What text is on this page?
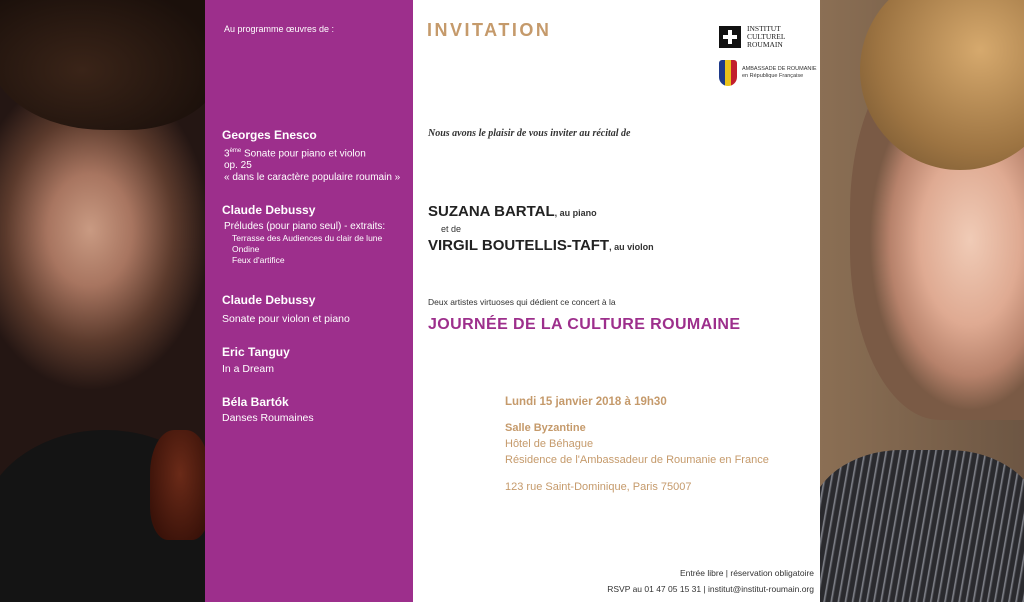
Au programme œuvres de :
Georges Enesco
3ème Sonate pour piano et violon
op. 25
« dans le caractère populaire roumain »
Claude Debussy
Préludes (pour piano seul) - extraits:
Terrasse des Audiences du clair de lune
Ondine
Feux d'artifice
Claude Debussy
Sonate pour violon et piano
Eric Tanguy
In a Dream
Béla Bartók
Danses Roumaines
INVITATION	INSTITUT
CULTUREL
ROUMAIN
AMBASSADE DE ROUMANIE
en République Française
Nous avons le plaisir de vous inviter au récital de
SUZANA BARTAL, au piano
et de
VIRGIL BOUTELLIS-TAFT, au violon
Deux artistes virtuoses qui dédient ce concert à la
JOURNÉE DE LA CULTURE ROUMAINE
Lundi 15 janvier 2018 à 19h30
Salle Byzantine
Hôtel de Béhague
Résidence de l'Ambassadeur de Roumanie en France
123 rue Saint-Dominique, Paris 75007
Entrée libre | réservation obligatoire
RSVP au 01 47 05 15 31 | institut@institut-roumain.org
